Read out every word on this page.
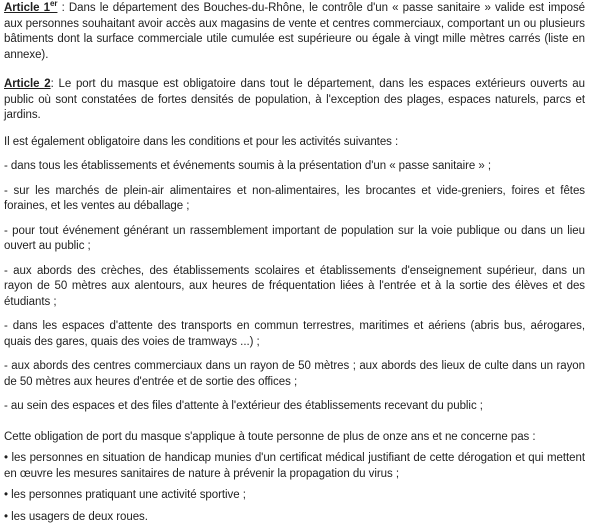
Article 1er : Dans le département des Bouches-du-Rhône, le contrôle d'un « passe sanitaire » valide est imposé aux personnes souhaitant avoir accès aux magasins de vente et centres commerciaux, comportant un ou plusieurs bâtiments dont la surface commerciale utile cumulée est supérieure ou égale à vingt mille mètres carrés (liste en annexe).

Article 2: Le port du masque est obligatoire dans tout le département, dans les espaces extérieurs ouverts au public où sont constatées de fortes densités de population, à l'exception des plages, espaces naturels, parcs et jardins.

Il est également obligatoire dans les conditions et pour les activités suivantes :

- dans tous les établissements et événements soumis à la présentation d'un « passe sanitaire » ;

- sur les marchés de plein-air alimentaires et non-alimentaires, les brocantes et vide-greniers, foires et fêtes foraines, et les ventes au déballage ;

- pour tout événement générant un rassemblement important de population sur la voie publique ou dans un lieu ouvert au public ;

- aux abords des crèches, des établissements scolaires et établissements d'enseignement supérieur, dans un rayon de 50 mètres aux alentours, aux heures de fréquentation liées à l'entrée et à la sortie des élèves et des étudiants ;

- dans les espaces d'attente des transports en commun terrestres, maritimes et aériens (abris bus, aérogares, quais des gares, quais des voies de tramways ...) ;

- aux abords des centres commerciaux dans un rayon de 50 mètres ; aux abords des lieux de culte dans un rayon de 50 mètres aux heures d'entrée et de sortie des offices ;

- au sein des espaces et des files d'attente à l'extérieur des établissements recevant du public ;

Cette obligation de port du masque s'applique à toute personne de plus de onze ans et ne concerne pas :

• les personnes en situation de handicap munies d'un certificat médical justifiant de cette dérogation et qui mettent en œuvre les mesures sanitaires de nature à prévenir la propagation du virus ;

• les personnes pratiquant une activité sportive ;

• les usagers de deux roues.
